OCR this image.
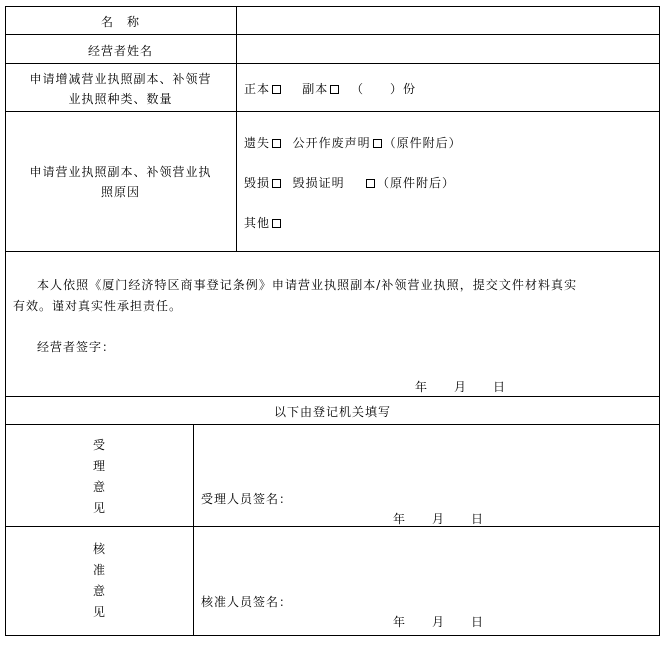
名　称
经营者姓名
申请增减营业执照副本、补领营
业执照种类、数量
正本	副本 （　　）份
申请营业执照副本、补领营业执
照原因
遗失 公开作废声明 （原件附后）
毁损 毁损证明	（原件附后）
其他
本人依照《厦门经济特区商事登记条例》申请营业执照副本/补领营业执照，提交文件材料真实
有效。谨对真实性承担责任。
经营者签字：
年　　月　　日
以下由登记机关填写
受
理
意
见
受理人员签名：
年　　月　　日
核
准
意
见
核准人员签名：
年　　月　　日
